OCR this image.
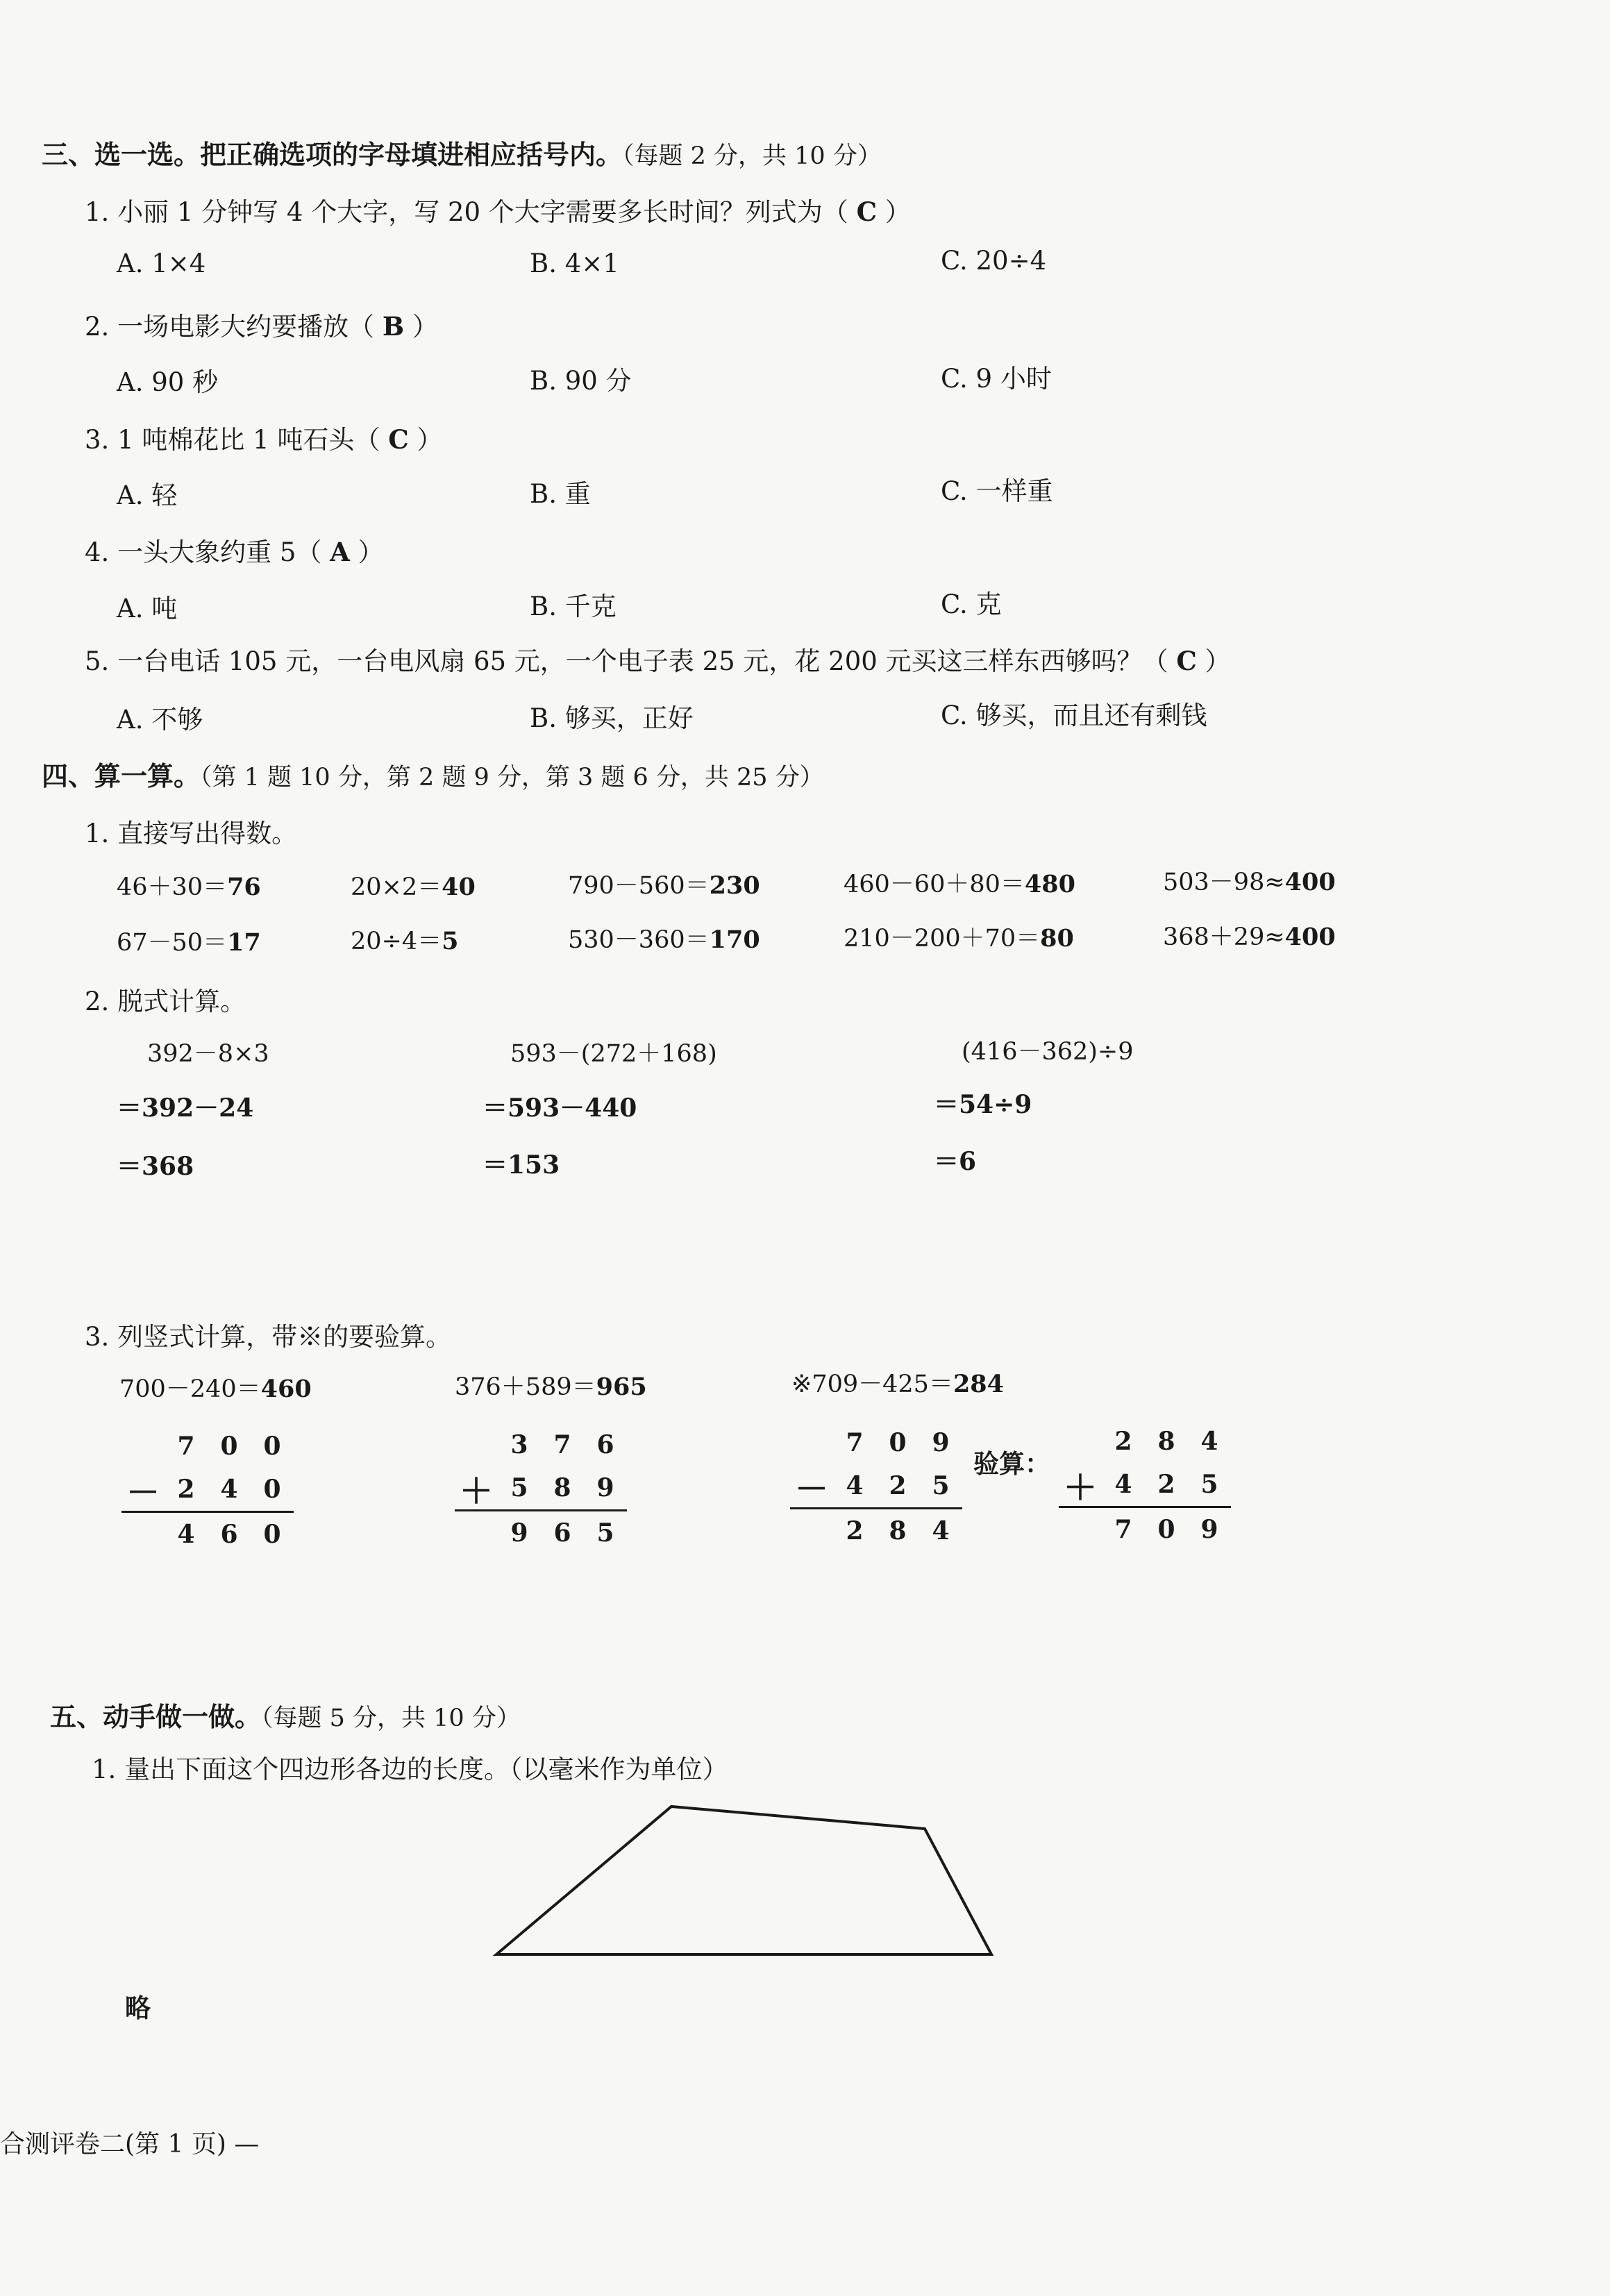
三、选一选。把正确选项的字母填进相应括号内。（每题 2 分，共 10 分）
1. 小丽 1 分钟写 4 个大字，写 20 个大字需要多长时间？列式为（ C ）
A. 1×4	B. 4×1	C. 20÷4
2. 一场电影大约要播放（ B ）
A. 90 秒	B. 90 分	C. 9 小时
3. 1 吨棉花比 1 吨石头（ C ）
A. 轻	B. 重	C. 一样重
4. 一头大象约重 5（ A ）
A. 吨	B. 千克	C. 克
5. 一台电话 105 元，一台电风扇 65 元，一个电子表 25 元，花 200 元买这三样东西够吗？（ C ）
A. 不够	B. 够买，正好	C. 够买，而且还有剩钱
四、算一算。（第 1 题 10 分，第 2 题 9 分，第 3 题 6 分，共 25 分）
1. 直接写出得数。
46＋30＝76	20×2＝40	790－560＝230	460－60＋80＝480	503－98≈400
67－50＝17	20÷4＝5	530－360＝170	210－200＋70＝80	368＋29≈400
2. 脱式计算。
392－8×3
＝392－24
＝368
593－(272＋168)
＝593－440
＝153
(416－362)÷9
＝54÷9
＝6
3. 列竖式计算，带※的要验算。
700－240＝460	376＋589＝965	※709－425＝284
7	0	0
－ 2	4	0
4	6	0
3	7	6
＋ 5	8	9
9	6	5
7	0	9
－ 4	2	5
2	8	4
验算：
2	8	4
＋ 4	2	5
7	0	9
五、动手做一做。（每题 5 分，共 10 分）
1. 量出下面这个四边形各边的长度。（以毫米作为单位）
略
合测评卷二(第 1 页) —
